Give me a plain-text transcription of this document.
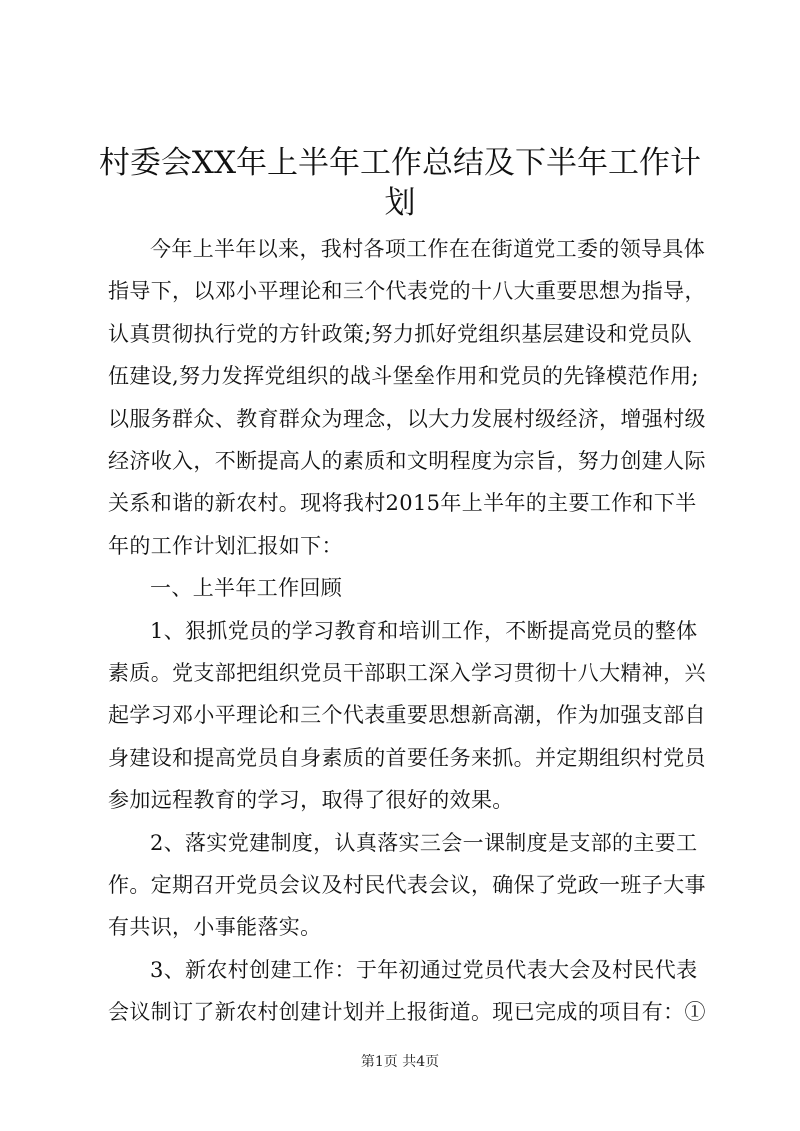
村委会XX年上半年工作总结及下半年工作计
划
今年上半年以来，我村各项工作在在街道党工委的领导具体
指导下，以邓小平理论和三个代表党的十八大重要思想为指导，
认真贯彻执行党的方针政策;努力抓好党组织基层建设和党员队
伍建设,努力发挥党组织的战斗堡垒作用和党员的先锋模范作用;
以服务群众、教育群众为理念，以大力发展村级经济，增强村级
经济收入，不断提高人的素质和文明程度为宗旨，努力创建人际
关系和谐的新农村。现将我村2015年上半年的主要工作和下半
年的工作计划汇报如下：
一、上半年工作回顾
1、狠抓党员的学习教育和培训工作，不断提高党员的整体
素质。党支部把组织党员干部职工深入学习贯彻十八大精神，兴
起学习邓小平理论和三个代表重要思想新高潮，作为加强支部自
身建设和提高党员自身素质的首要任务来抓。并定期组织村党员
参加远程教育的学习，取得了很好的效果。
2、落实党建制度，认真落实三会一课制度是支部的主要工
作。定期召开党员会议及村民代表会议，确保了党政一班子大事
有共识，小事能落实。
3、新农村创建工作：于年初通过党员代表大会及村民代表
会议制订了新农村创建计划并上报街道。现已完成的项目有：①
第1页 共4页
